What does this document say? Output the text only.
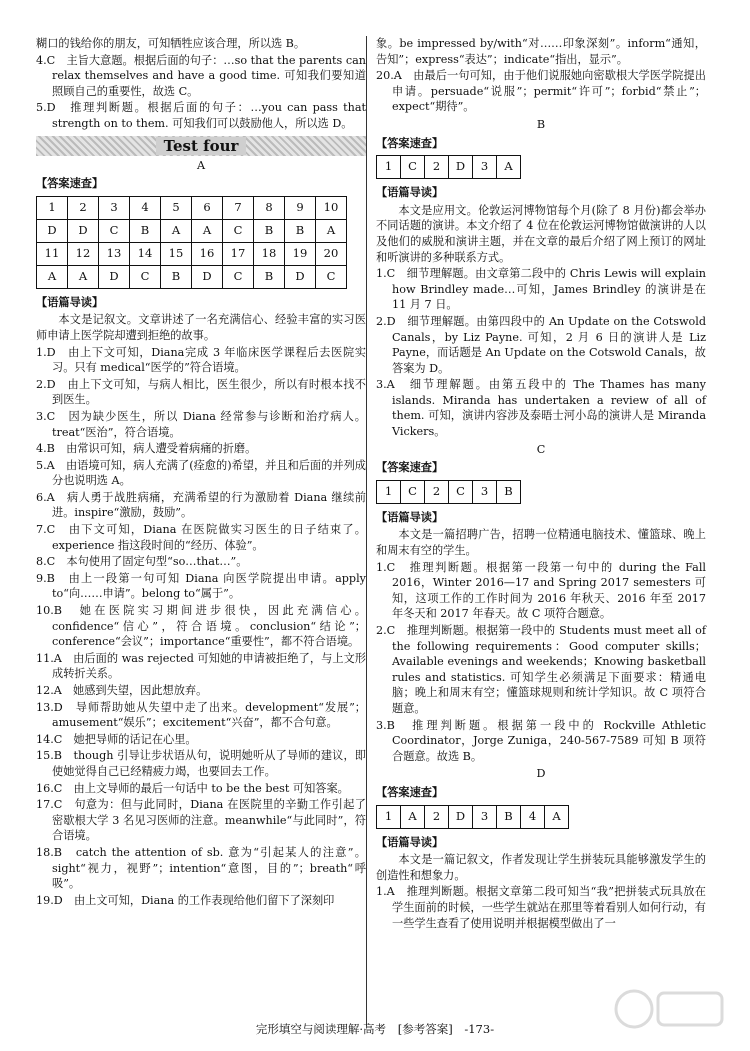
糊口的钱给你的朋友，可知牺牲应该合理，所以选 B。

4.C　主旨大意题。根据后面的句子：…so that the parents can relax themselves and have a good time. 可知我们要知道照顾自己的重要性，故选 C。

5.D　推理判断题。根据后面的句子：…you can pass that strength on to them. 可知我们可以鼓励他人，所以选 D。

Test four
A
【 答案速查 】
1	2	3	4	5	6	7	8	9	10
D	D	C	B	A	A	C	B	B	A
11	12	13	14	15	16	17	18	19	20
A	A	D	C	B	D	C	B	D	C
【 语篇导读 】

本文是记叙文。文章讲述了一名充满信心、经验丰富的实习医师申请上医学院却遭到拒绝的故事。

1.D　由上下文可知，Diana完成 3 年临床医学课程后去医院实习。只有 medical“医学的”符合语境。

2.D　由上下文可知，与病人相比，医生很少，所以有时根本找不到医生。

3.C　因为缺少医生，所以 Diana 经常参与诊断和治疗病人。treat“医治”，符合语境。

4.B　由常识可知，病人遭受着病痛的折磨。

5.A　由语境可知，病人充满了(痊愈的)希望，并且和后面的并列成分也说明选 A。

6.A　病人勇于战胜病痛，充满希望的行为激励着 Diana 继续前进。inspire“激励，鼓励”。

7.C　由下文可知，Diana 在医院做实习医生的日子结束了。experience 指这段时间的“经历、体验”。

8.C　本句使用了固定句型“so…that…”。

9.B　由上一段第一句可知 Diana 向医学院提出申请。apply to“向……申请”。belong to“属于”。

10.B　她在医院实习期间进步很快，因此充满信心。confidence“信心”，符合语境。conclusion“结论”；conference“会议”；importance“重要性”，都不符合语境。

11.A　由后面的 was rejected 可知她的申请被拒绝了，与上文形成转折关系。

12.A　她感到失望，因此想放弃。

13.D　导师帮助她从失望中走了出来。development“发展”；amusement“娱乐”；excitement“兴奋”，都不合句意。

14.C　她把导师的话记在心里。

15.B　though 引导让步状语从句，说明她听从了导师的建议，即使她觉得自己已经精疲力竭，也要回去工作。

16.C　由上文导师的最后一句话中 to be the best 可知答案。

17.C　句意为：但与此同时，Diana 在医院里的辛勤工作引起了密歇根大学 3 名见习医师的注意。meanwhile“与此同时”，符合语境。

18.B　catch the attention of sb. 意为“引起某人的注意”。sight“视力，视野”；intention“意图，目的”；breath“呼吸”。

19.D　由上文可知，Diana 的工作表现给他们留下了深刻印

象。be impressed by/with“对……印象深刻”。inform“通知，告知”；express“表达”；indicate“指出，显示”。

20.A　由最后一句可知，由于他们说服她向密歇根大学医学院提出申请。persuade“说服”；permit“许可”；forbid“禁止”；expect“期待”。

B
【 答案速查 】
1	C	2	D	3	A
【 语篇导读 】

本文是应用文。伦敦运河博物馆每个月(除了 8 月份)都会举办不同话题的演讲。本文介绍了 4 位在伦敦运河博物馆做演讲的人以及他们的威脱和演讲主题，并在文章的最后介绍了网上预订的网址和听演讲的多种联系方式。

1.C　细节理解题。由文章第二段中的 Chris Lewis will explain how Brindley made…可知，James Brindley 的演讲是在 11 月 7 日。

2.D　细节理解题。由第四段中的 An Update on the Cotswold Canals，by Liz Payne. 可知，2 月 6 日的演讲人是 Liz Payne，而话题是 An Update on the Cotswold Canals，故答案为 D。

3.A　细节理解题。由第五段中的 The Thames has many islands. Miranda has undertaken a review of all of them. 可知，演讲内容涉及泰晤士河小岛的演讲人是 Miranda Vickers。

C
【 答案速查 】
1	C	2	C	3	B
【 语篇导读 】

本文是一篇招聘广告，招聘一位精通电脑技术、懂篮球、晚上和周末有空的学生。

1.C　推理判断题。根据第一段第一句中的 during the Fall 2016，Winter 2016—17 and Spring 2017 semesters 可知，这项工作的工作时间为 2016 年秋天、2016 年至 2017 年冬天和 2017 年春天。故 C 项符合题意。

2.C　推理判断题。根据第一段中的 Students must meet all of the following requirements：Good computer skills；Available evenings and weekends；Knowing basketball rules and statistics. 可知学生必须满足下面要求：精通电脑；晚上和周末有空；懂篮球规则和统计学知识。故 C 项符合题意。

3.B　推理判断题。根据第一段中的 Rockville Athletic Coordinator，Jorge Zuniga，240-567-7589 可知 B 项符合题意。故选 B。

D
【 答案速查 】
1	A	2	D	3	B	4	A
【 语篇导读 】

本文是一篇记叙文，作者发现让学生拼装玩具能够激发学生的创造性和想象力。

1.A　推理判断题。根据文章第二段可知当“我”把拼装式玩具放在学生面前的时候，一些学生就站在那里等着看别人如何行动，有一些学生查看了使用说明并根据模型做出了一

完形填空与阅读理解·高考 [参考答案] -173-
